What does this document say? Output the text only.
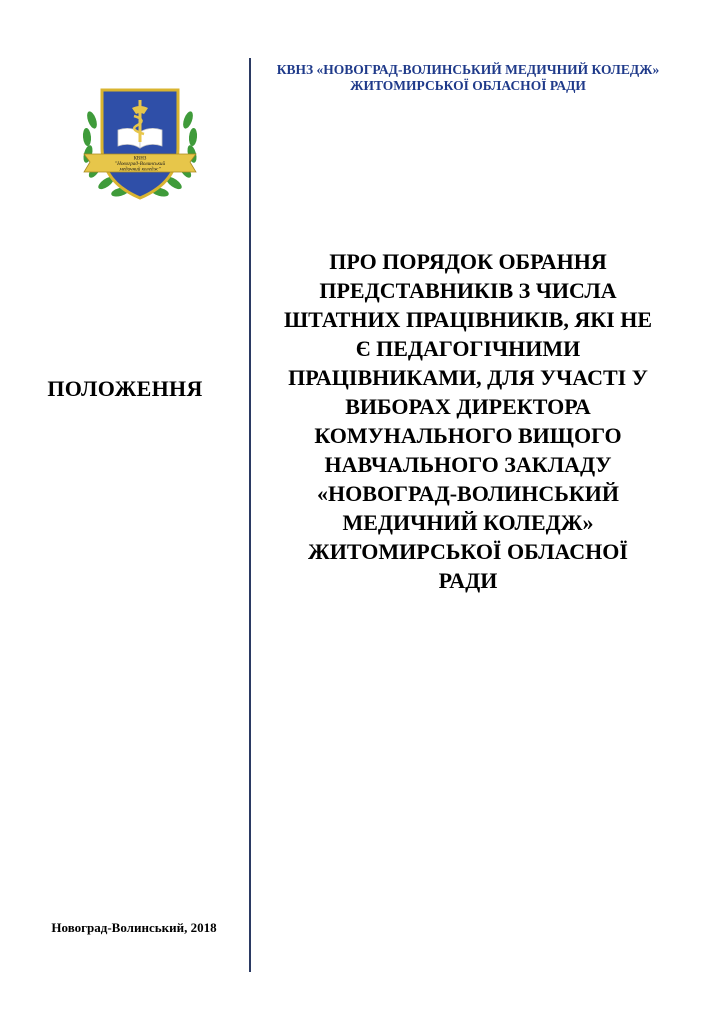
КВНЗ «НОВОГРАД-ВОЛИНСЬКИЙ МЕДИЧНИЙ КОЛЕДЖ»
ЖИТОМИРСЬКОЇ ОБЛАСНОЇ РАДИ
КВНЗ
"Новоград-Волинський
медичний коледж"
ПОЛОЖЕННЯ
ПРО ПОРЯДОК ОБРАННЯ
ПРЕДСТАВНИКІВ З ЧИСЛА
ШТАТНИХ ПРАЦІВНИКІВ, ЯКІ НЕ
Є ПЕДАГОГІЧНИМИ
ПРАЦІВНИКАМИ, ДЛЯ УЧАСТІ У
ВИБОРАХ ДИРЕКТОРА
КОМУНАЛЬНОГО ВИЩОГО
НАВЧАЛЬНОГО ЗАКЛАДУ
«НОВОГРАД-ВОЛИНСЬКИЙ
МЕДИЧНИЙ КОЛЕДЖ»
ЖИТОМИРСЬКОЇ ОБЛАСНОЇ
РАДИ
Новоград-Волинський, 2018
